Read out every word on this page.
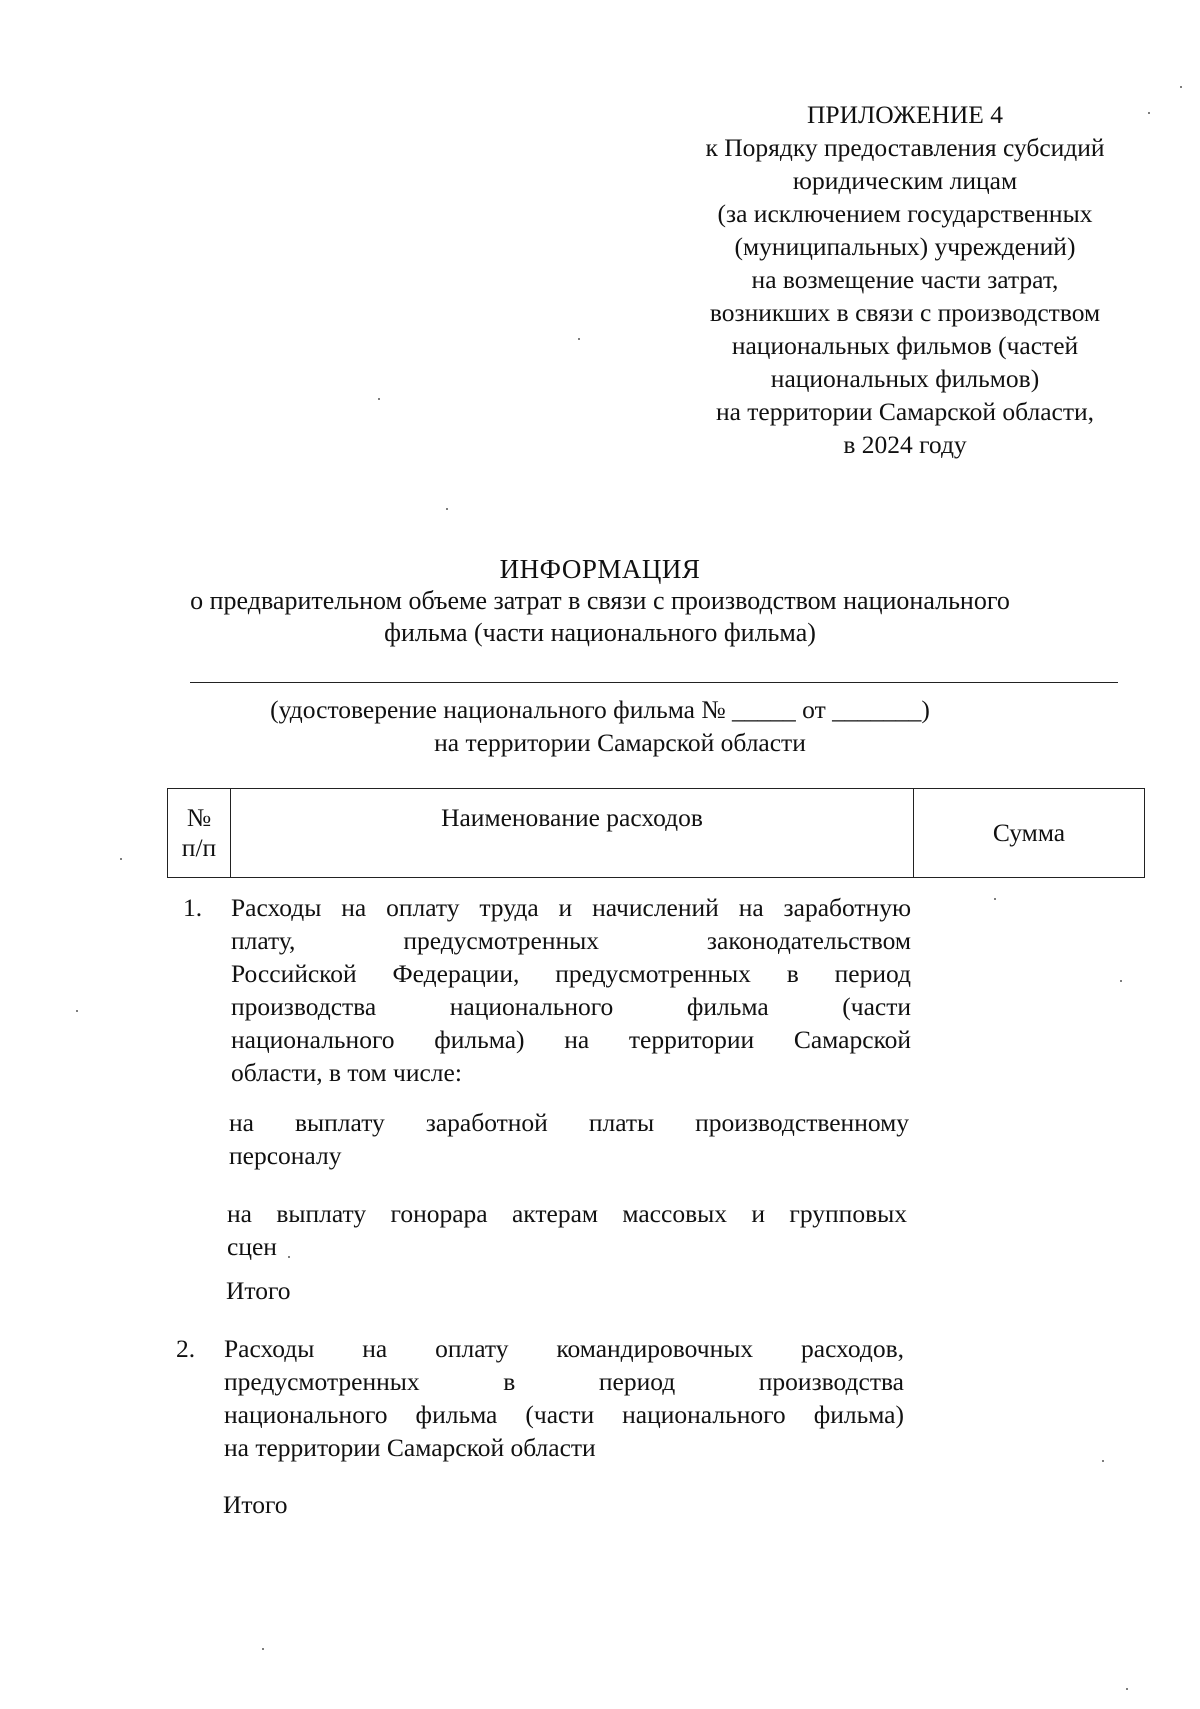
ПРИЛОЖЕНИЕ 4
к Порядку предоставления субсидий
юридическим лицам
(за исключением государственных
(муниципальных) учреждений)
на возмещение части затрат,
возникших в связи с производством
национальных фильмов (частей
национальных фильмов)
на территории Самарской области,
в 2024 году
ИНФОРМАЦИЯ
о предварительном объеме затрат в связи с производством национального
фильма (части национального фильма)
(удостоверение национального фильма № _____ от _______)
на территории Самарской области
№
п/п
Наименование расходов
Сумма
1. Расходы на оплату труда и начислений на заработную
плату, предусмотренных законодательством
Российской Федерации, предусмотренных в период
производства национального фильма (части
национального фильма) на территории Самарской
области, в том числе:
на выплату заработной платы производственному
персоналу
на выплату гонорара актерам массовых и групповых
сцен
Итого
2. Расходы на оплату командировочных расходов,
предусмотренных в период производства
национального фильма (части национального фильма)
на территории Самарской области
Итого
